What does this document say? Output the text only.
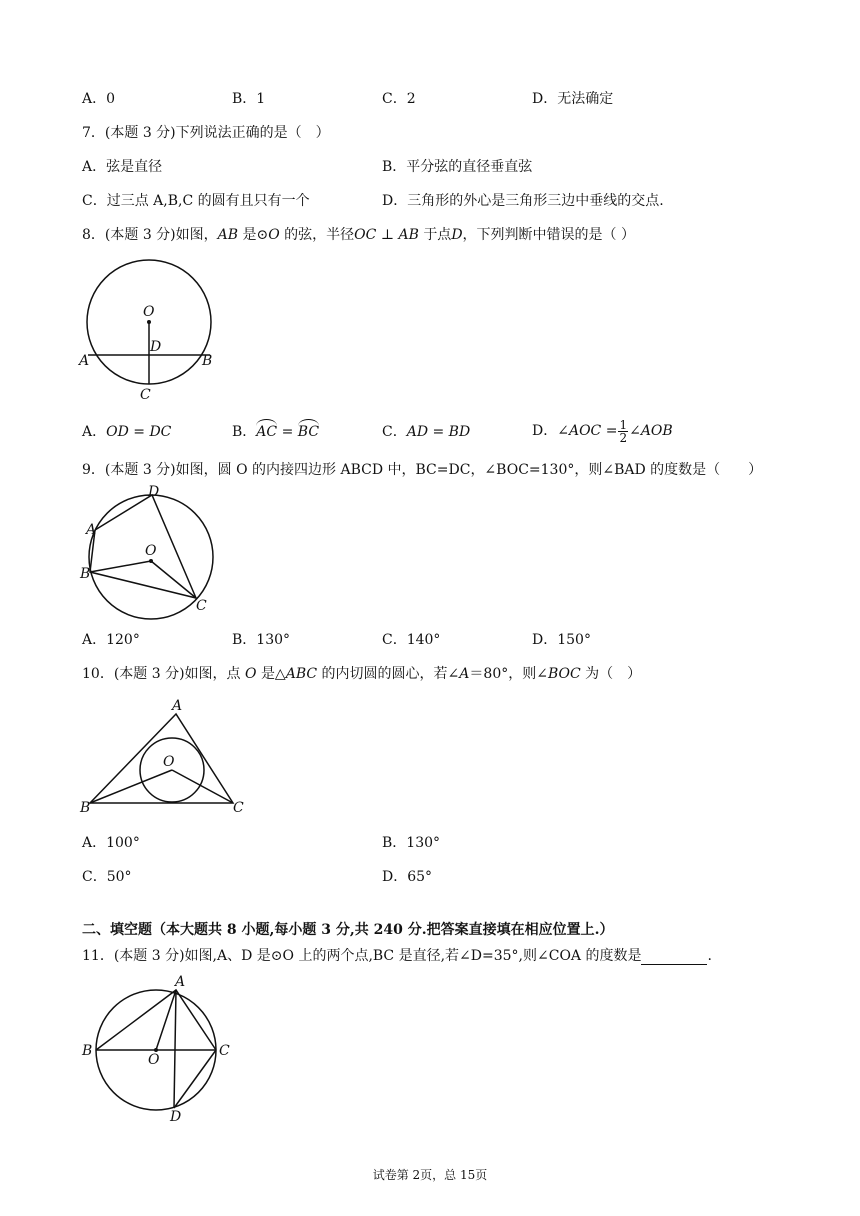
A．0	B．1	C．2	D．无法确定
7．(本题 3 分)下列说法正确的是（　）
A．弦是直径	B．平分弦的直径垂直弦
C．过三点 A,B,C 的圆有且只有一个	D．三角形的外心是三角形三边中垂线的交点.
8．(本题 3 分)如图，AB 是⊙O 的弦，半径OC ⊥ AB 于点D，下列判断中错误的是（ ）
O
D
A	B
C
A．OD = DC	B．AC = BC	C．AD = BD	D．∠AOC = $\frac{1}{2}$ ∠AOB
9．(本题 3 分)如图，圆 O 的内接四边形 ABCD 中，BC=DC，∠BOC=130°，则∠BAD 的度数是（　　）
D
A
B
O
C
A．120°	B．130°	C．140°	D．150°
10．(本题 3 分)如图，点 O 是△ABC 的内切圆的圆心，若∠A＝80°，则∠BOC 为（　）
A
O
B	C
A．100°	B．130°
C．50°	D．65°
二、填空题（本大题共 8 小题,每小题 3 分,共 240 分.把答案直接填在相应位置上.）
11．(本题 3 分)如图,A、D 是⊙O 上的两个点,BC 是直径,若∠D=35°,则∠COA 的度数是	.
A
B	C
O
D
试卷第 2页，总 15页
